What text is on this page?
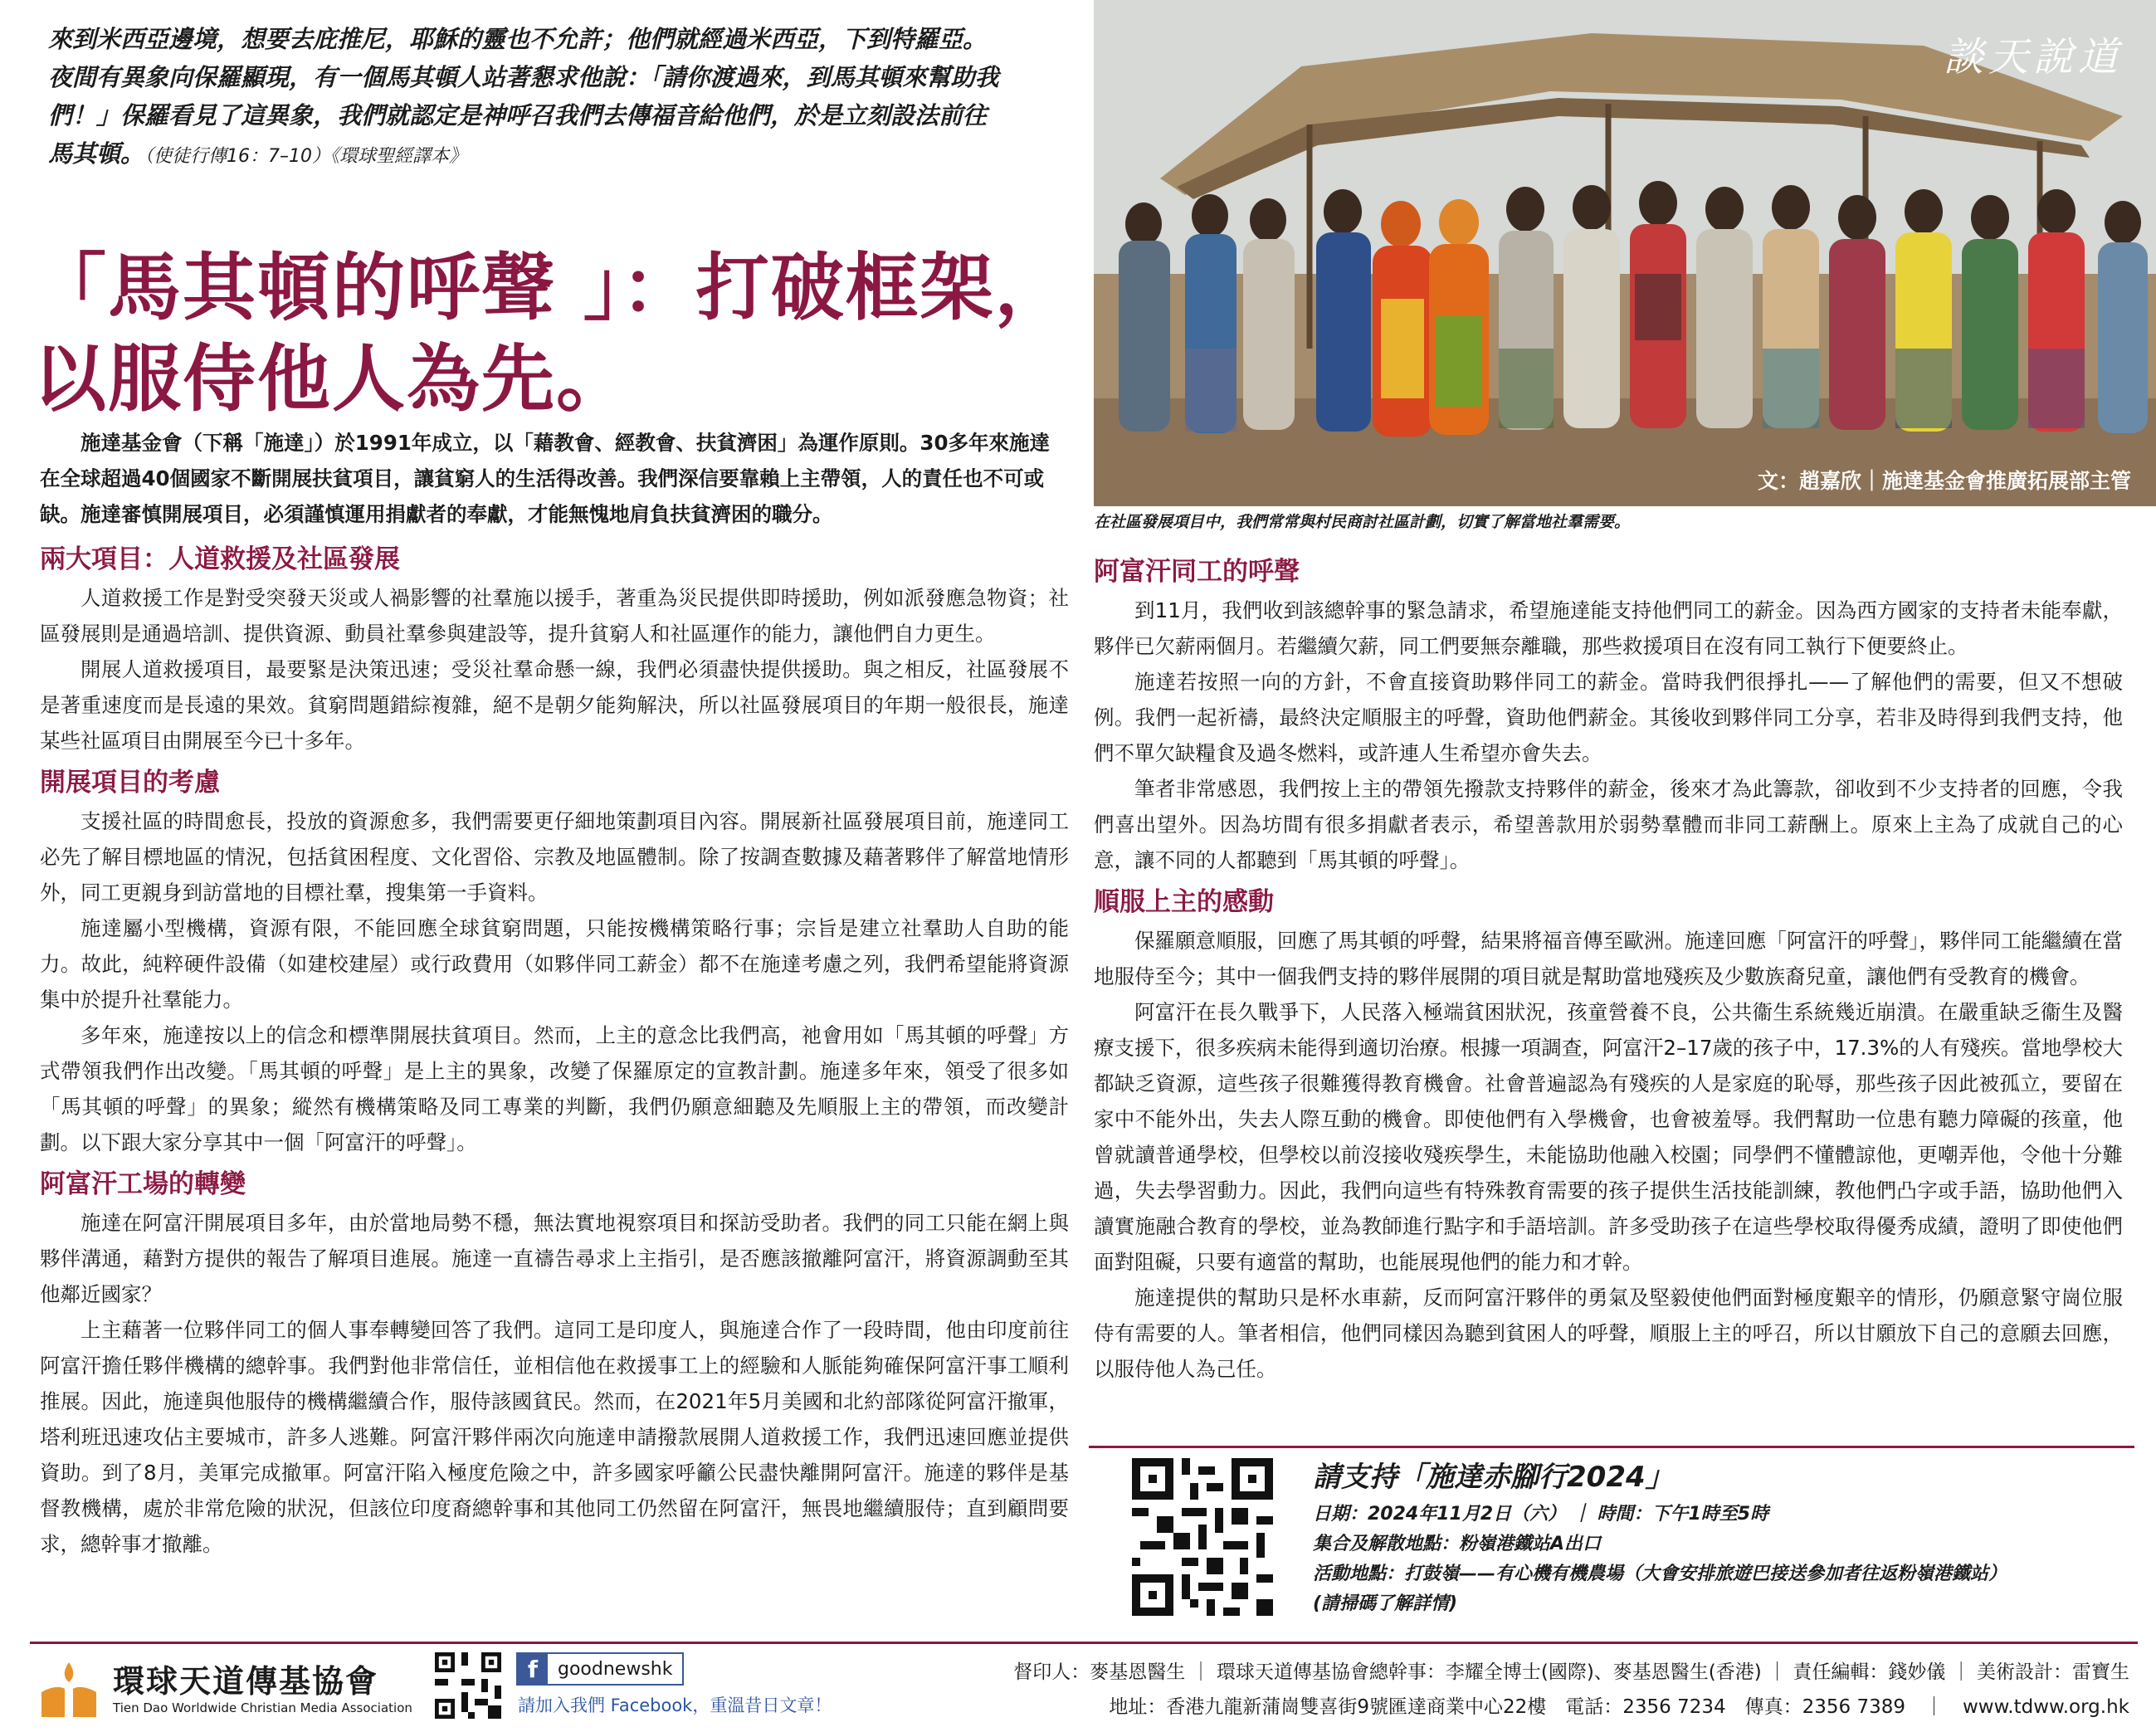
來到米西亞邊境，想要去庇推尼，耶穌的靈也不允許；他們就經過米西亞，下到特羅亞。
夜間有異象向保羅顯現，有一個馬其頓人站著懇求他說：「請你渡過來，到馬其頓來幫助我
們！」保羅看見了這異象，我們就認定是神呼召我們去傳福音給他們，於是立刻設法前往
馬其頓。（使徒行傳16：7–10）《環球聖經譯本》
「馬其頓的呼聲 」：打破框架，
以服侍他人為先。
談天說道
文：趙嘉欣｜施達基金會推廣拓展部主管
在社區發展項目中，我們常常與村民商討社區計劃，切實了解當地社羣需要。
施達基金會（下稱「施達」）於1991年成立，以「藉教會、經教會、扶貧濟困」為運作原則。30多年來施達在全球超過40個國家不斷開展扶貧項目，讓貧窮人的生活得改善。我們深信要靠賴上主帶領，人的責任也不可或缺。施達審慎開展項目，必須謹慎運用捐獻者的奉獻，才能無愧地肩負扶貧濟困的職分。
兩大項目：人道救援及社區發展
人道救援工作是對受突發天災或人禍影響的社羣施以援手，著重為災民提供即時援助，例如派發應急物資；社區發展則是通過培訓、提供資源、動員社羣參與建設等，提升貧窮人和社區運作的能力，讓他們自力更生。
開展人道救援項目，最要緊是決策迅速；受災社羣命懸一線，我們必須盡快提供援助。與之相反，社區發展不是著重速度而是長遠的果效。貧窮問題錯綜複雜，絕不是朝夕能夠解決，所以社區發展項目的年期一般很長，施達某些社區項目由開展至今已十多年。
開展項目的考慮
支援社區的時間愈長，投放的資源愈多，我們需要更仔細地策劃項目內容。開展新社區發展項目前，施達同工必先了解目標地區的情況，包括貧困程度、文化習俗、宗教及地區體制。除了按調查數據及藉著夥伴了解當地情形外，同工更親身到訪當地的目標社羣，搜集第一手資料。
施達屬小型機構，資源有限，不能回應全球貧窮問題，只能按機構策略行事；宗旨是建立社羣助人自助的能力。故此，純粹硬件設備（如建校建屋）或行政費用（如夥伴同工薪金）都不在施達考慮之列，我們希望能將資源集中於提升社羣能力。
多年來，施達按以上的信念和標準開展扶貧項目。然而，上主的意念比我們高，祂會用如「馬其頓的呼聲」方式帶領我們作出改變。「馬其頓的呼聲」是上主的異象，改變了保羅原定的宣教計劃。施達多年來，領受了很多如「馬其頓的呼聲」的異象；縱然有機構策略及同工專業的判斷，我們仍願意細聽及先順服上主的帶領，而改變計劃。以下跟大家分享其中一個「阿富汗的呼聲」。
阿富汗工場的轉變
施達在阿富汗開展項目多年，由於當地局勢不穩，無法實地視察項目和探訪受助者。我們的同工只能在網上與夥伴溝通，藉對方提供的報告了解項目進展。施達一直禱告尋求上主指引，是否應該撤離阿富汗，將資源調動至其他鄰近國家？
上主藉著一位夥伴同工的個人事奉轉變回答了我們。這同工是印度人，與施達合作了一段時間，他由印度前往阿富汗擔任夥伴機構的總幹事。我們對他非常信任，並相信他在救援事工上的經驗和人脈能夠確保阿富汗事工順利推展。因此，施達與他服侍的機構繼續合作，服侍該國貧民。然而，在2021年5月美國和北約部隊從阿富汗撤軍，塔利班迅速攻佔主要城市，許多人逃難。阿富汗夥伴兩次向施達申請撥款展開人道救援工作，我們迅速回應並提供資助。到了8月，美軍完成撤軍。阿富汗陷入極度危險之中，許多國家呼籲公民盡快離開阿富汗。施達的夥伴是基督教機構，處於非常危險的狀況，但該位印度裔總幹事和其他同工仍然留在阿富汗，無畏地繼續服侍；直到顧問要求，總幹事才撤離。
阿富汗同工的呼聲
到11月，我們收到該總幹事的緊急請求，希望施達能支持他們同工的薪金。因為西方國家的支持者未能奉獻，夥伴已欠薪兩個月。若繼續欠薪，同工們要無奈離職，那些救援項目在沒有同工執行下便要終止。
施達若按照一向的方針，不會直接資助夥伴同工的薪金。當時我們很掙扎——了解他們的需要，但又不想破例。我們一起祈禱，最終決定順服主的呼聲，資助他們薪金。其後收到夥伴同工分享，若非及時得到我們支持，他們不單欠缺糧食及過冬燃料，或許連人生希望亦會失去。
筆者非常感恩，我們按上主的帶領先撥款支持夥伴的薪金，後來才為此籌款，卻收到不少支持者的回應，令我們喜出望外。因為坊間有很多捐獻者表示，希望善款用於弱勢羣體而非同工薪酬上。原來上主為了成就自己的心意，讓不同的人都聽到「馬其頓的呼聲」。
順服上主的感動
保羅願意順服，回應了馬其頓的呼聲，結果將福音傳至歐洲。施達回應「阿富汗的呼聲」，夥伴同工能繼續在當地服侍至今；其中一個我們支持的夥伴展開的項目就是幫助當地殘疾及少數族裔兒童，讓他們有受教育的機會。
阿富汗在長久戰爭下，人民落入極端貧困狀況，孩童營養不良，公共衞生系統幾近崩潰。在嚴重缺乏衞生及醫療支援下，很多疾病未能得到適切治療。根據一項調查，阿富汗2–17歲的孩子中，17.3%的人有殘疾。當地學校大都缺乏資源，這些孩子很難獲得教育機會。社會普遍認為有殘疾的人是家庭的恥辱，那些孩子因此被孤立，要留在家中不能外出，失去人際互動的機會。即使他們有入學機會，也會被羞辱。我們幫助一位患有聽力障礙的孩童，他曾就讀普通學校，但學校以前沒接收殘疾學生，未能協助他融入校園；同學們不懂體諒他，更嘲弄他，令他十分難過，失去學習動力。因此，我們向這些有特殊教育需要的孩子提供生活技能訓練，教他們凸字或手語，協助他們入讀實施融合教育的學校，並為教師進行點字和手語培訓。許多受助孩子在這些學校取得優秀成績，證明了即使他們面對阻礙，只要有適當的幫助，也能展現他們的能力和才幹。
施達提供的幫助只是杯水車薪，反而阿富汗夥伴的勇氣及堅毅使他們面對極度艱辛的情形，仍願意緊守崗位服侍有需要的人。筆者相信，他們同樣因為聽到貧困人的呼聲，順服上主的呼召，所以甘願放下自己的意願去回應，以服侍他人為己任。
請支持「施達赤腳行2024」
日期：2024年11月2日（六） ｜ 時間：下午1時至5時
集合及解散地點：粉嶺港鐵站A出口
活動地點：打鼓嶺——有心機有機農場（大會安排旅遊巴接送參加者往返粉嶺港鐵站）
(請掃碼了解詳情)
環球天道傳基協會
Tien Dao Worldwide Christian Media Association
f	goodnewshk
請加入我們 Facebook，重溫昔日文章！
督印人：麥基恩醫生 ｜ 環球天道傳基協會總幹事：李耀全博士(國際)、麥基恩醫生(香港) ｜ 責任編輯：錢妙儀 ｜ 美術設計：雷寶生
地址：香港九龍新蒲崗雙喜街9號匯達商業中心22樓　電話：2356 7234　傳真：2356 7389　｜　www.tdww.org.hk
